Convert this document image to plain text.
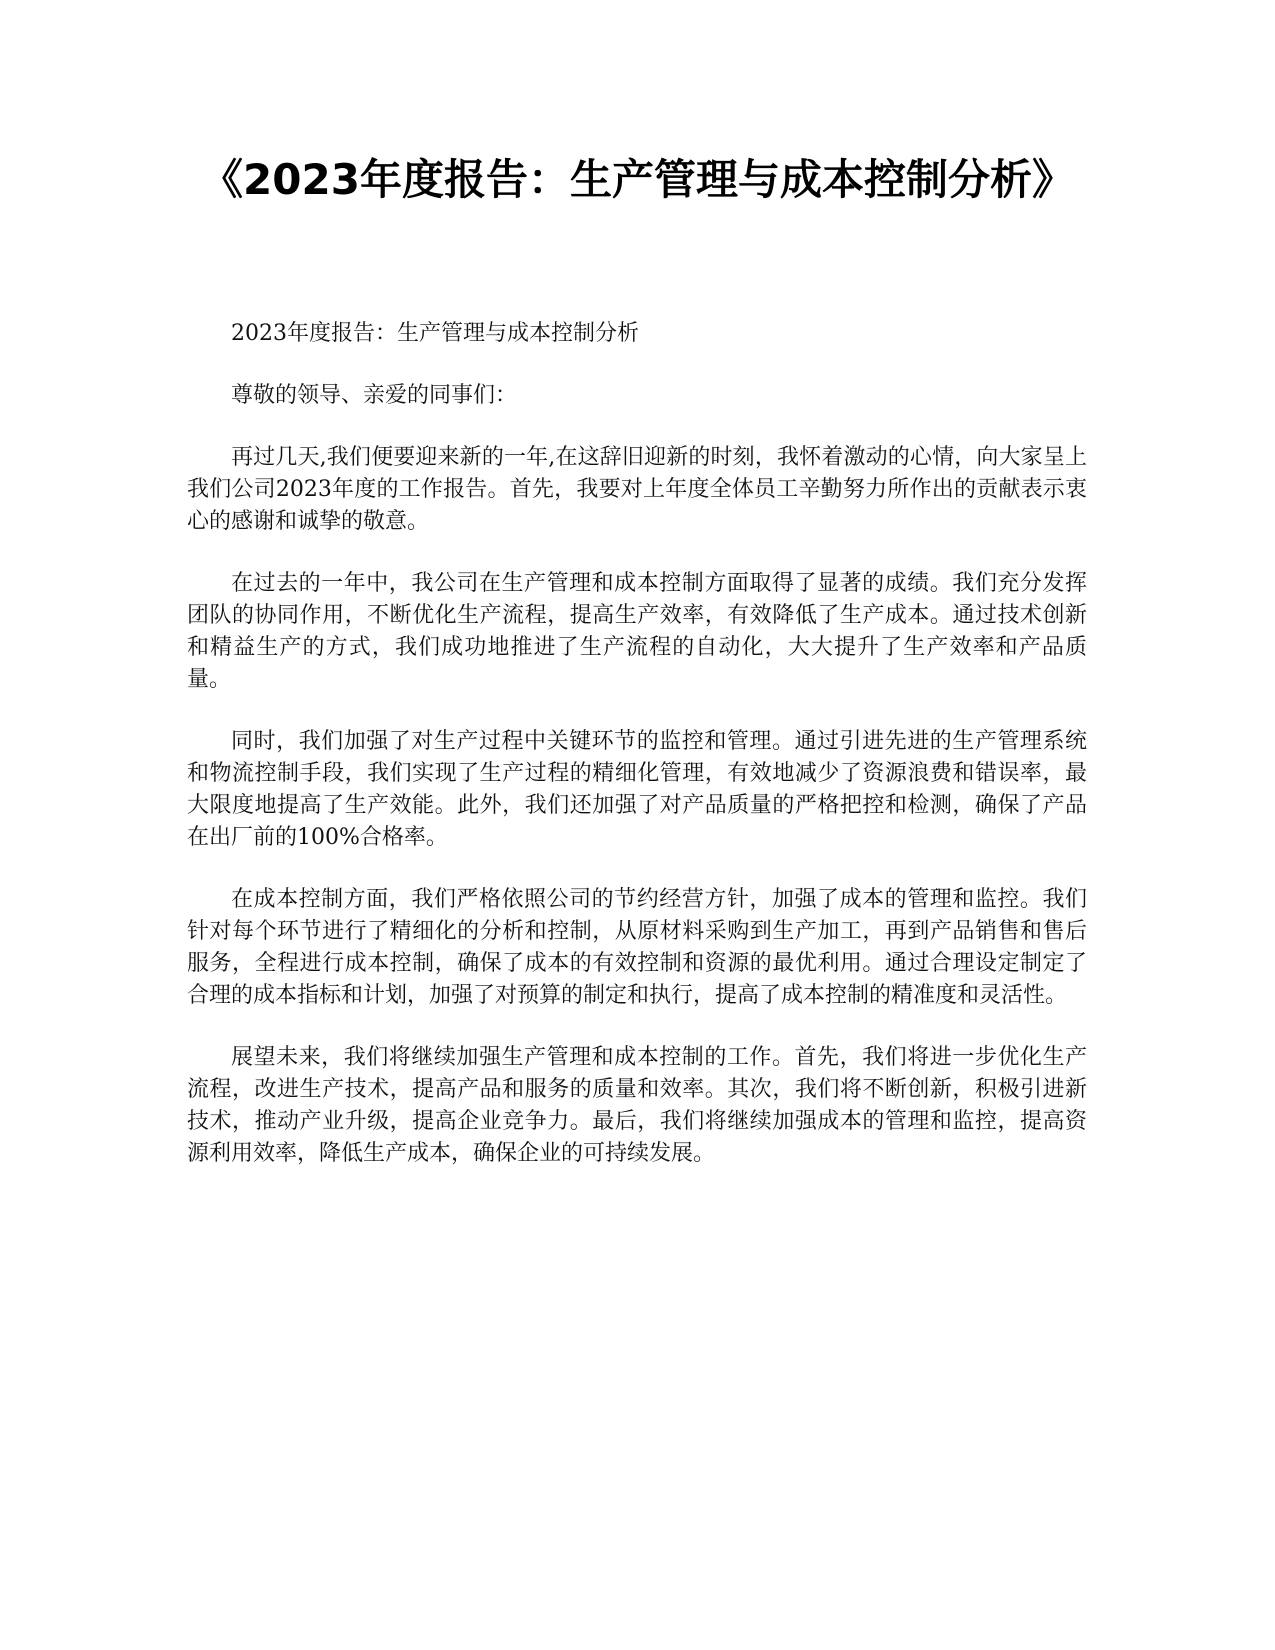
《2023年度报告：生产管理与成本控制分析》

2023年度报告：生产管理与成本控制分析

尊敬的领导、亲爱的同事们：

再过几天,我们便要迎来新的一年,在这辞旧迎新的时刻，我怀着激动的心情，向大家呈上我们公司2023年度的工作报告。首先，我要对上年度全体员工辛勤努力所作出的贡献表示衷心的感谢和诚挚的敬意。

在过去的一年中，我公司在生产管理和成本控制方面取得了显著的成绩。我们充分发挥团队的协同作用，不断优化生产流程，提高生产效率，有效降低了生产成本。通过技术创新和精益生产的方式，我们成功地推进了生产流程的自动化，大大提升了生产效率和产品质量。

同时，我们加强了对生产过程中关键环节的监控和管理。通过引进先进的生产管理系统和物流控制手段，我们实现了生产过程的精细化管理，有效地减少了资源浪费和错误率，最大限度地提高了生产效能。此外，我们还加强了对产品质量的严格把控和检测，确保了产品在出厂前的100%合格率。

在成本控制方面，我们严格依照公司的节约经营方针，加强了成本的管理和监控。我们针对每个环节进行了精细化的分析和控制，从原材料采购到生产加工，再到产品销售和售后服务，全程进行成本控制，确保了成本的有效控制和资源的最优利用。通过合理设定制定了合理的成本指标和计划，加强了对预算的制定和执行，提高了成本控制的精准度和灵活性。

展望未来，我们将继续加强生产管理和成本控制的工作。首先，我们将进一步优化生产流程，改进生产技术，提高产品和服务的质量和效率。其次，我们将不断创新，积极引进新技术，推动产业升级，提高企业竞争力。最后，我们将继续加强成本的管理和监控，提高资源利用效率，降低生产成本，确保企业的可持续发展。
